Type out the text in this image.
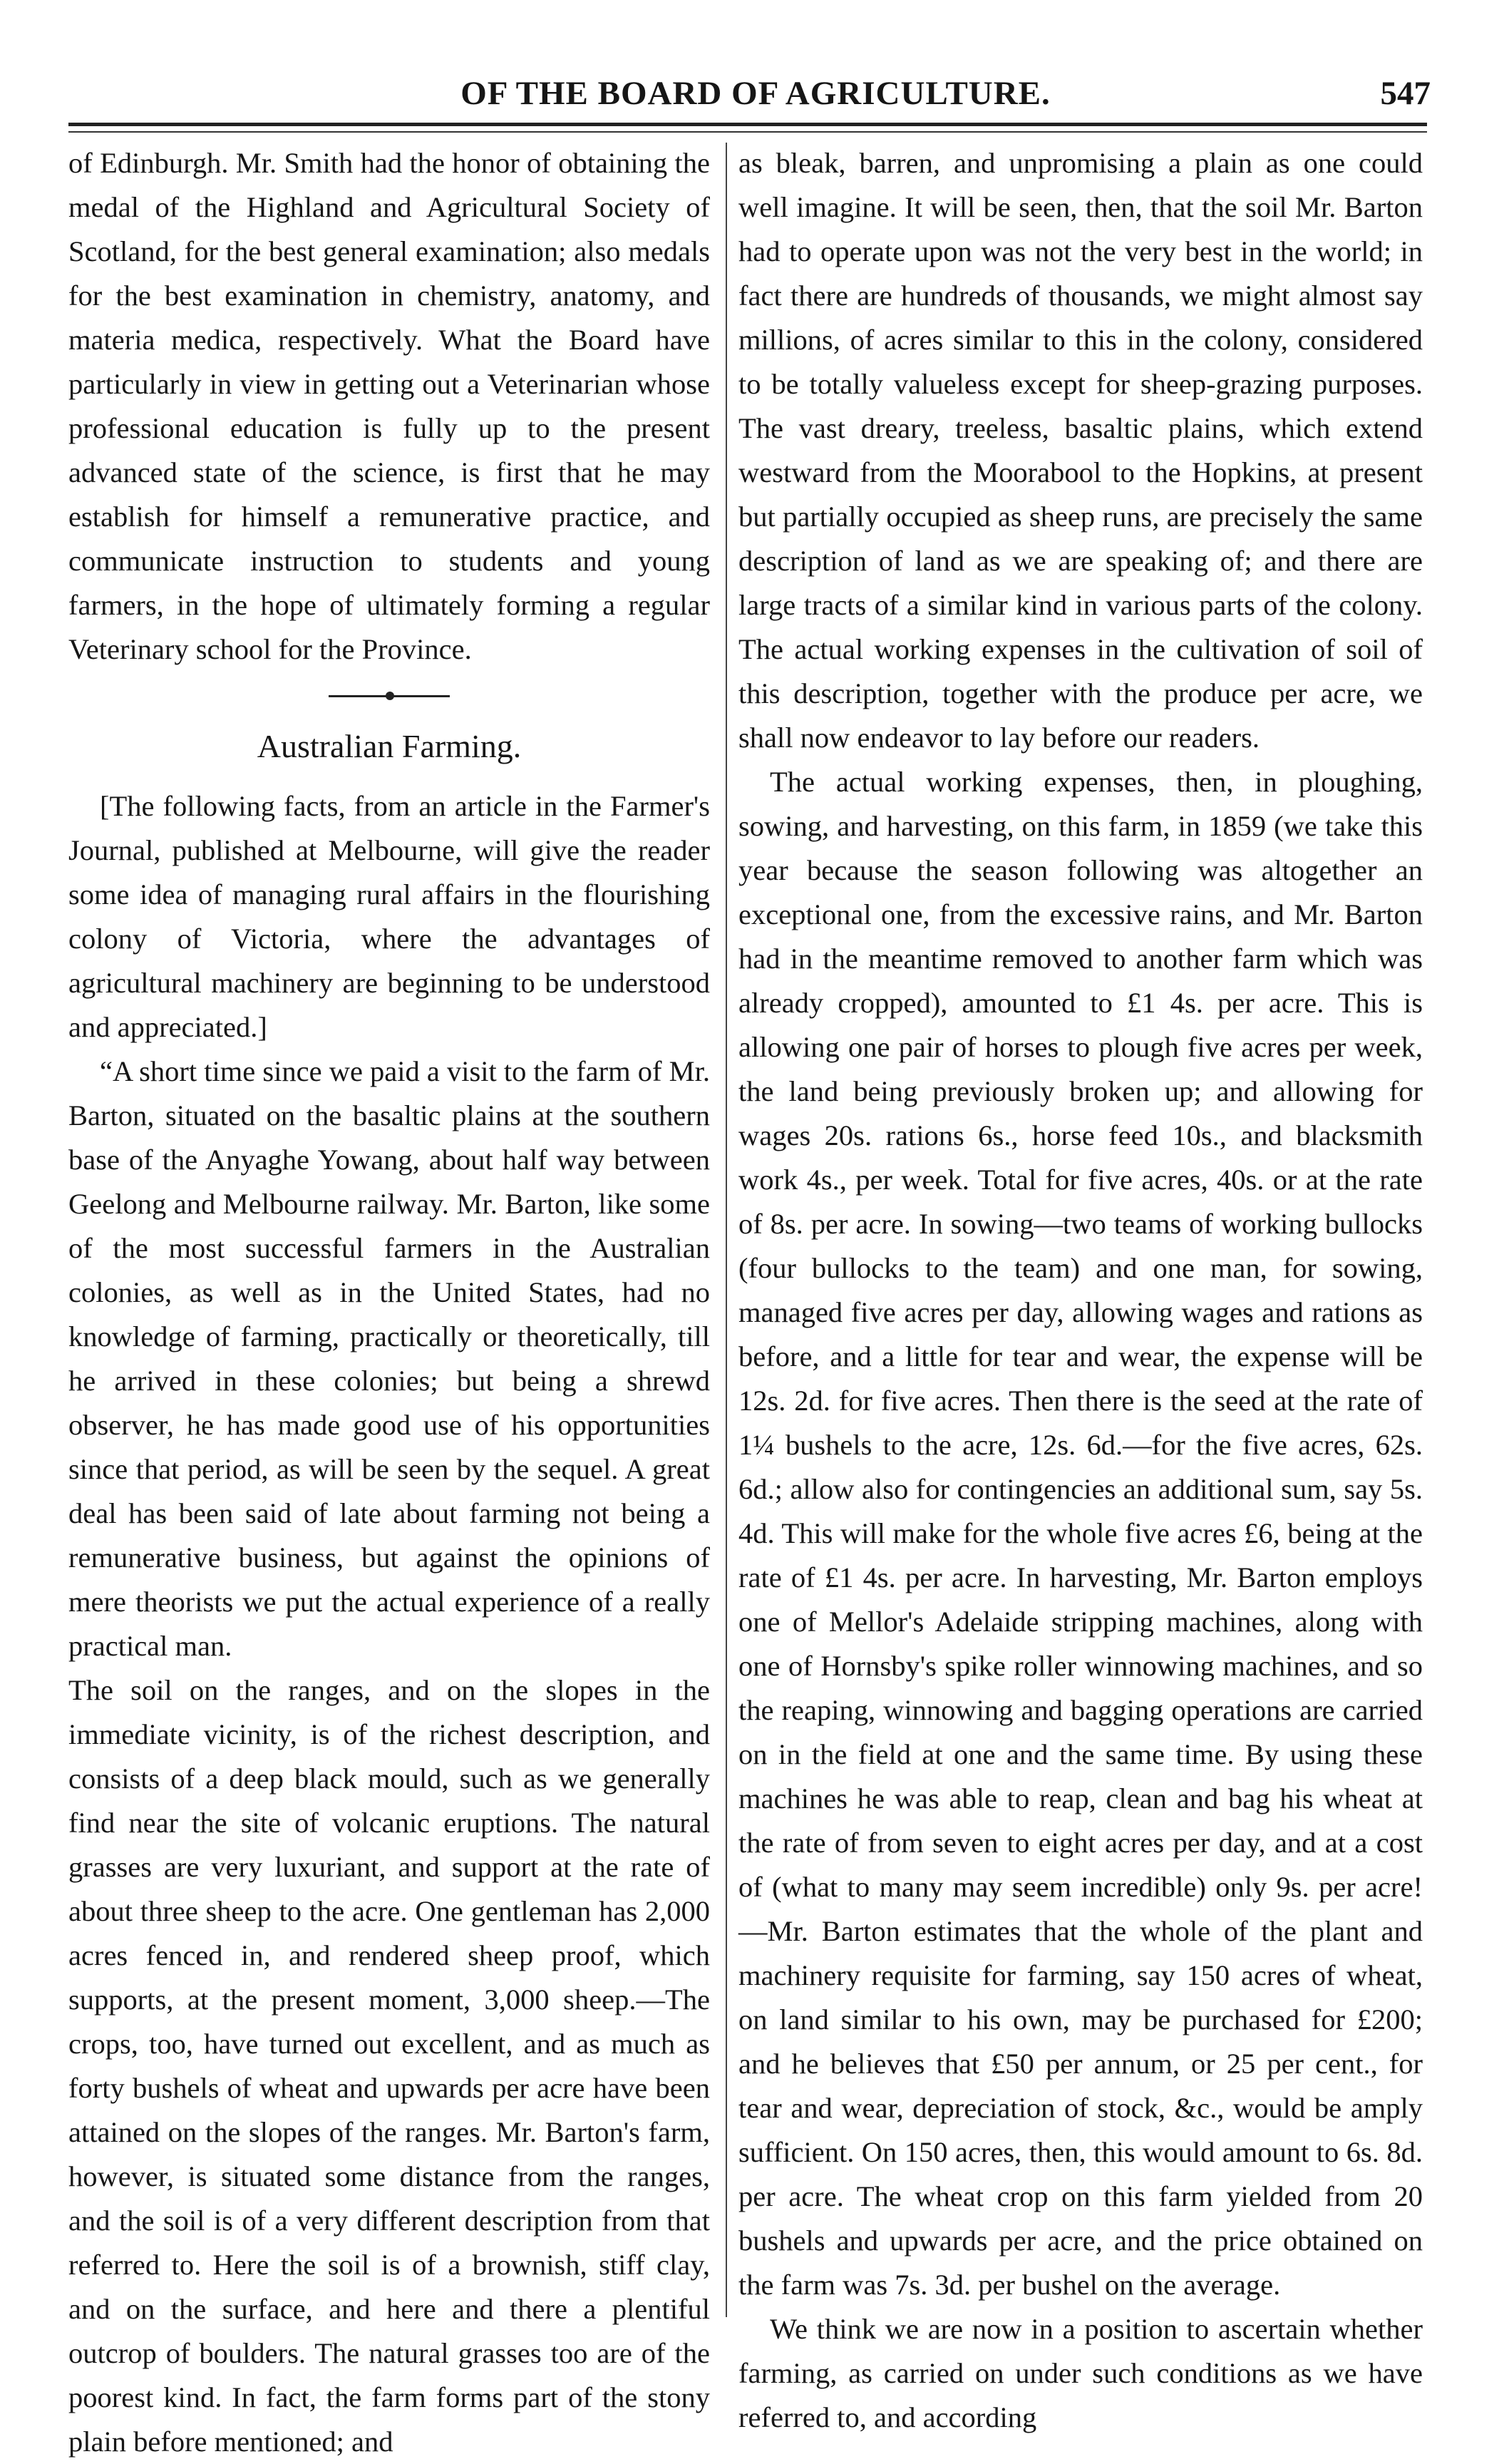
OF THE BOARD OF AGRICULTURE.	547

of Edinburgh. Mr. Smith had the honor of obtaining the medal of the Highland and Agricultural Society of Scotland, for the best general examination; also medals for the best examination in chemistry, anatomy, and materia medica, respectively. What the Board have particularly in view in getting out a Veterinarian whose professional education is fully up to the present advanced state of the science, is first that he may establish for himself a remunerative practice, and communicate instruction to students and young farmers, in the hope of ultimately forming a regular Veterinary school for the Province.

Australian Farming.

[The following facts, from an article in the Farmer's Journal, published at Melbourne, will give the reader some idea of managing rural affairs in the flourishing colony of Victoria, where the advantages of agricultural machinery are beginning to be understood and appreciated.]

“A short time since we paid a visit to the farm of Mr. Barton, situated on the basaltic plains at the southern base of the Anyaghe Yowang, about half way between Geelong and Melbourne railway. Mr. Barton, like some of the most successful farmers in the Australian colonies, as well as in the United States, had no knowledge of farming, practically or theoretically, till he arrived in these colonies; but being a shrewd observer, he has made good use of his opportunities since that period, as will be seen by the sequel. A great deal has been said of late about farming not being a remunerative business, but against the opinions of mere theorists we put the actual experience of a really practical man.

The soil on the ranges, and on the slopes in the immediate vicinity, is of the richest description, and consists of a deep black mould, such as we generally find near the site of volcanic eruptions. The natural grasses are very luxuriant, and support at the rate of about three sheep to the acre. One gentleman has 2,000 acres fenced in, and rendered sheep proof, which supports, at the present moment, 3,000 sheep.—The crops, too, have turned out excellent, and as much as forty bushels of wheat and upwards per acre have been attained on the slopes of the ranges. Mr. Barton's farm, however, is situated some distance from the ranges, and the soil is of a very different description from that referred to. Here the soil is of a brownish, stiff clay, and on the surface, and here and there a plentiful outcrop of boulders. The natural grasses too are of the poorest kind. In fact, the farm forms part of the stony plain before mentioned; and

as bleak, barren, and unpromising a plain as one could well imagine. It will be seen, then, that the soil Mr. Barton had to operate upon was not the very best in the world; in fact there are hundreds of thousands, we might almost say millions, of acres similar to this in the colony, considered to be totally valueless except for sheep-grazing purposes. The vast dreary, treeless, basaltic plains, which extend westward from the Moorabool to the Hopkins, at present but partially occupied as sheep runs, are precisely the same description of land as we are speaking of; and there are large tracts of a similar kind in various parts of the colony. The actual working expenses in the cultivation of soil of this description, together with the produce per acre, we shall now endeavor to lay before our readers.

The actual working expenses, then, in ploughing, sowing, and harvesting, on this farm, in 1859 (we take this year because the season following was altogether an exceptional one, from the excessive rains, and Mr. Barton had in the meantime removed to another farm which was already cropped), amounted to £1 4s. per acre. This is allowing one pair of horses to plough five acres per week, the land being previously broken up; and allowing for wages 20s. rations 6s., horse feed 10s., and blacksmith work 4s., per week. Total for five acres, 40s. or at the rate of 8s. per acre. In sowing—two teams of working bullocks (four bullocks to the team) and one man, for sowing, managed five acres per day, allowing wages and rations as before, and a little for tear and wear, the expense will be 12s. 2d. for five acres. Then there is the seed at the rate of 1¼ bushels to the acre, 12s. 6d.—for the five acres, 62s. 6d.; allow also for contingencies an additional sum, say 5s. 4d. This will make for the whole five acres £6, being at the rate of £1 4s. per acre. In harvesting, Mr. Barton employs one of Mellor's Adelaide stripping machines, along with one of Hornsby's spike roller winnowing machines, and so the reaping, winnowing and bagging operations are carried on in the field at one and the same time. By using these machines he was able to reap, clean and bag his wheat at the rate of from seven to eight acres per day, and at a cost of (what to many may seem incredible) only 9s. per acre!—Mr. Barton estimates that the whole of the plant and machinery requisite for farming, say 150 acres of wheat, on land similar to his own, may be purchased for £200; and he believes that £50 per annum, or 25 per cent., for tear and wear, depreciation of stock, &c., would be amply sufficient. On 150 acres, then, this would amount to 6s. 8d. per acre. The wheat crop on this farm yielded from 20 bushels and upwards per acre, and the price obtained on the farm was 7s. 3d. per bushel on the average.

We think we are now in a position to ascertain whether farming, as carried on under such conditions as we have referred to, and according
